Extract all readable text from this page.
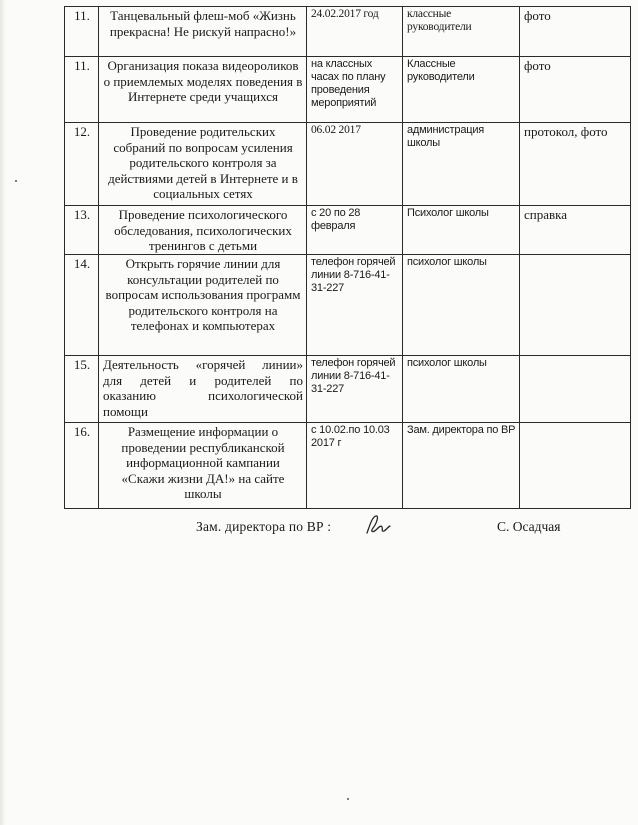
11.	Танцевальный флеш-моб «Жизнь прекрасна! Не рискуй напрасно!»	24.02.2017 год	классные руководители	фото
11.	Организация показа видеороликов о приемлемых моделях поведения в Интернете среди учащихся	на классных часах по плану проведения мероприятий	Классные руководители	фото
12.	Проведение родительских собраний по вопросам усиления родительского контроля за действиями детей в Интернете и в социальных сетях	06.02 2017	администрация школы	протокол, фото
13.	Проведение психологического обследования, психологических тренингов с детьми	с 20 по 28 февраля	Психолог школы	справка
14.	Открыть горячие линии для консультации родителей по вопросам использования программ родительского контроля на телефонах и компьютерах	телефон горячей линии 8-716-41-31-227	психолог школы	
15.	Деятельность «горячей линии»
для детей и родителей по
оказанию психологической
помощи	телефон горячей линии 8-716-41-31-227	психолог школы	
16.	Размещение информации о проведении республиканской информационной кампании «Скажи жизни ДА!» на сайте школы	с 10.02.по 10.03 2017 г	Зам. директора по ВР	
Зам. директора по ВР :	С. Осадчая
